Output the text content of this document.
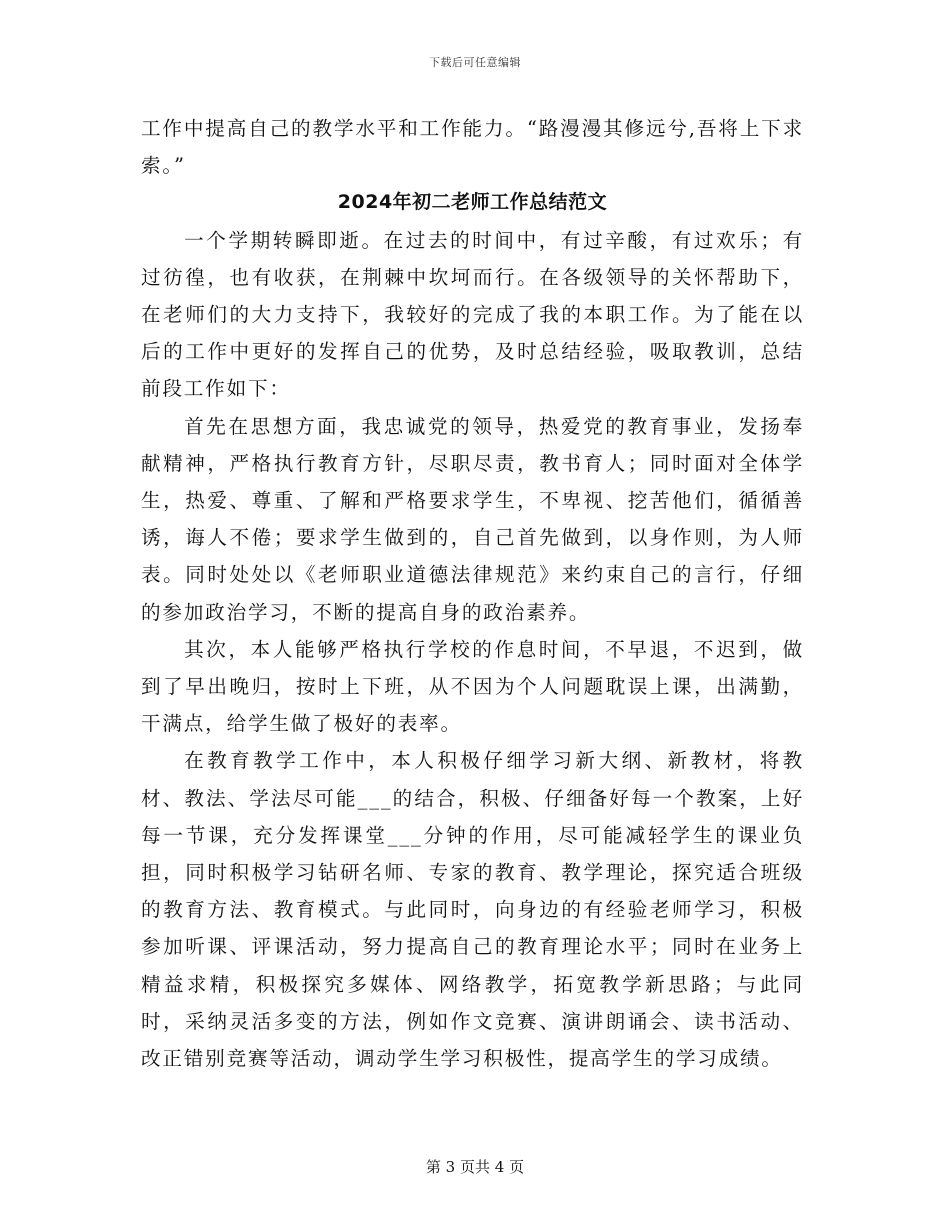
下载后可任意编辑

工作中提高自己的教学水平和工作能力。“路漫漫其修远兮,吾将上下求索。”

2024年初二老师工作总结范文

一个学期转瞬即逝。在过去的时间中，有过辛酸，有过欢乐；有过彷徨，也有收获，在荆棘中坎坷而行。在各级领导的关怀帮助下，在老师们的大力支持下，我较好的完成了我的本职工作。为了能在以后的工作中更好的发挥自己的优势，及时总结经验，吸取教训，总结前段工作如下：

首先在思想方面，我忠诚党的领导，热爱党的教育事业，发扬奉献精神，严格执行教育方针，尽职尽责，教书育人；同时面对全体学生，热爱、尊重、了解和严格要求学生，不卑视、挖苦他们，循循善诱，诲人不倦；要求学生做到的，自己首先做到，以身作则，为人师表。同时处处以《老师职业道德法律规范》来约束自己的言行，仔细的参加政治学习，不断的提高自身的政治素养。

其次，本人能够严格执行学校的作息时间，不早退，不迟到，做到了早出晚归，按时上下班，从不因为个人问题耽误上课，出满勤，干满点，给学生做了极好的表率。

在教育教学工作中，本人积极仔细学习新大纲、新教材，将教材、教法、学法尽可能___的结合，积极、仔细备好每一个教案，上好每一节课，充分发挥课堂___分钟的作用，尽可能减轻学生的课业负担，同时积极学习钻研名师、专家的教育、教学理论，探究适合班级的教育方法、教育模式。与此同时，向身边的有经验老师学习，积极参加听课、评课活动，努力提高自己的教育理论水平；同时在业务上精益求精，积极探究多媒体、网络教学，拓宽教学新思路；与此同时，采纳灵活多变的方法，例如作文竞赛、演讲朗诵会、读书活动、改正错别竞赛等活动，调动学生学习积极性，提高学生的学习成绩。

第 3 页共 4 页
